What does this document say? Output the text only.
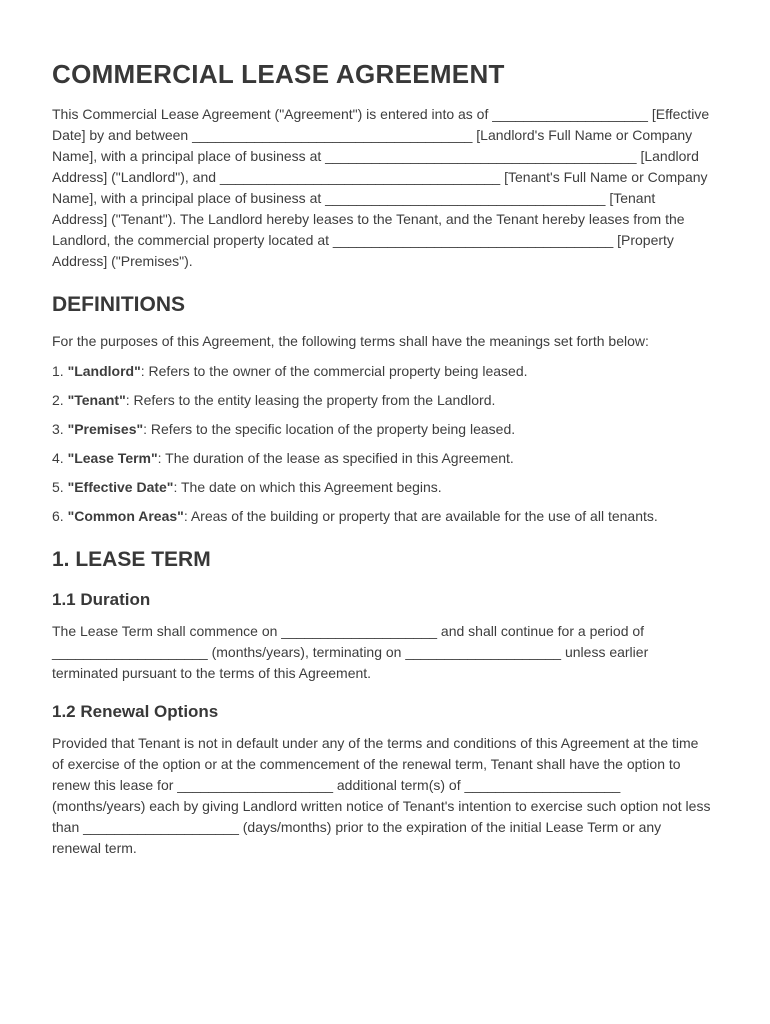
COMMERCIAL LEASE AGREEMENT

This Commercial Lease Agreement ("Agreement") is entered into as of ____________________ [Effective Date] by and between ____________________________________ [Landlord's Full Name or Company Name], with a principal place of business at ________________________________________ [Landlord Address] ("Landlord"), and ____________________________________ [Tenant's Full Name or Company Name], with a principal place of business at ____________________________________ [Tenant Address] ("Tenant"). The Landlord hereby leases to the Tenant, and the Tenant hereby leases from the Landlord, the commercial property located at ____________________________________ [Property Address] ("Premises").

DEFINITIONS

For the purposes of this Agreement, the following terms shall have the meanings set forth below:

1. "Landlord": Refers to the owner of the commercial property being leased.

2. "Tenant": Refers to the entity leasing the property from the Landlord.

3. "Premises": Refers to the specific location of the property being leased.

4. "Lease Term": The duration of the lease as specified in this Agreement.

5. "Effective Date": The date on which this Agreement begins.

6. "Common Areas": Areas of the building or property that are available for the use of all tenants.

1. LEASE TERM
1.1 Duration

The Lease Term shall commence on ____________________ and shall continue for a period of ____________________ (months/years), terminating on ____________________ unless earlier terminated pursuant to the terms of this Agreement.

1.2 Renewal Options

Provided that Tenant is not in default under any of the terms and conditions of this Agreement at the time of exercise of the option or at the commencement of the renewal term, Tenant shall have the option to renew this lease for ____________________ additional term(s) of ____________________ (months/years) each by giving Landlord written notice of Tenant's intention to exercise such option not less than ____________________ (days/months) prior to the expiration of the initial Lease Term or any renewal term.
